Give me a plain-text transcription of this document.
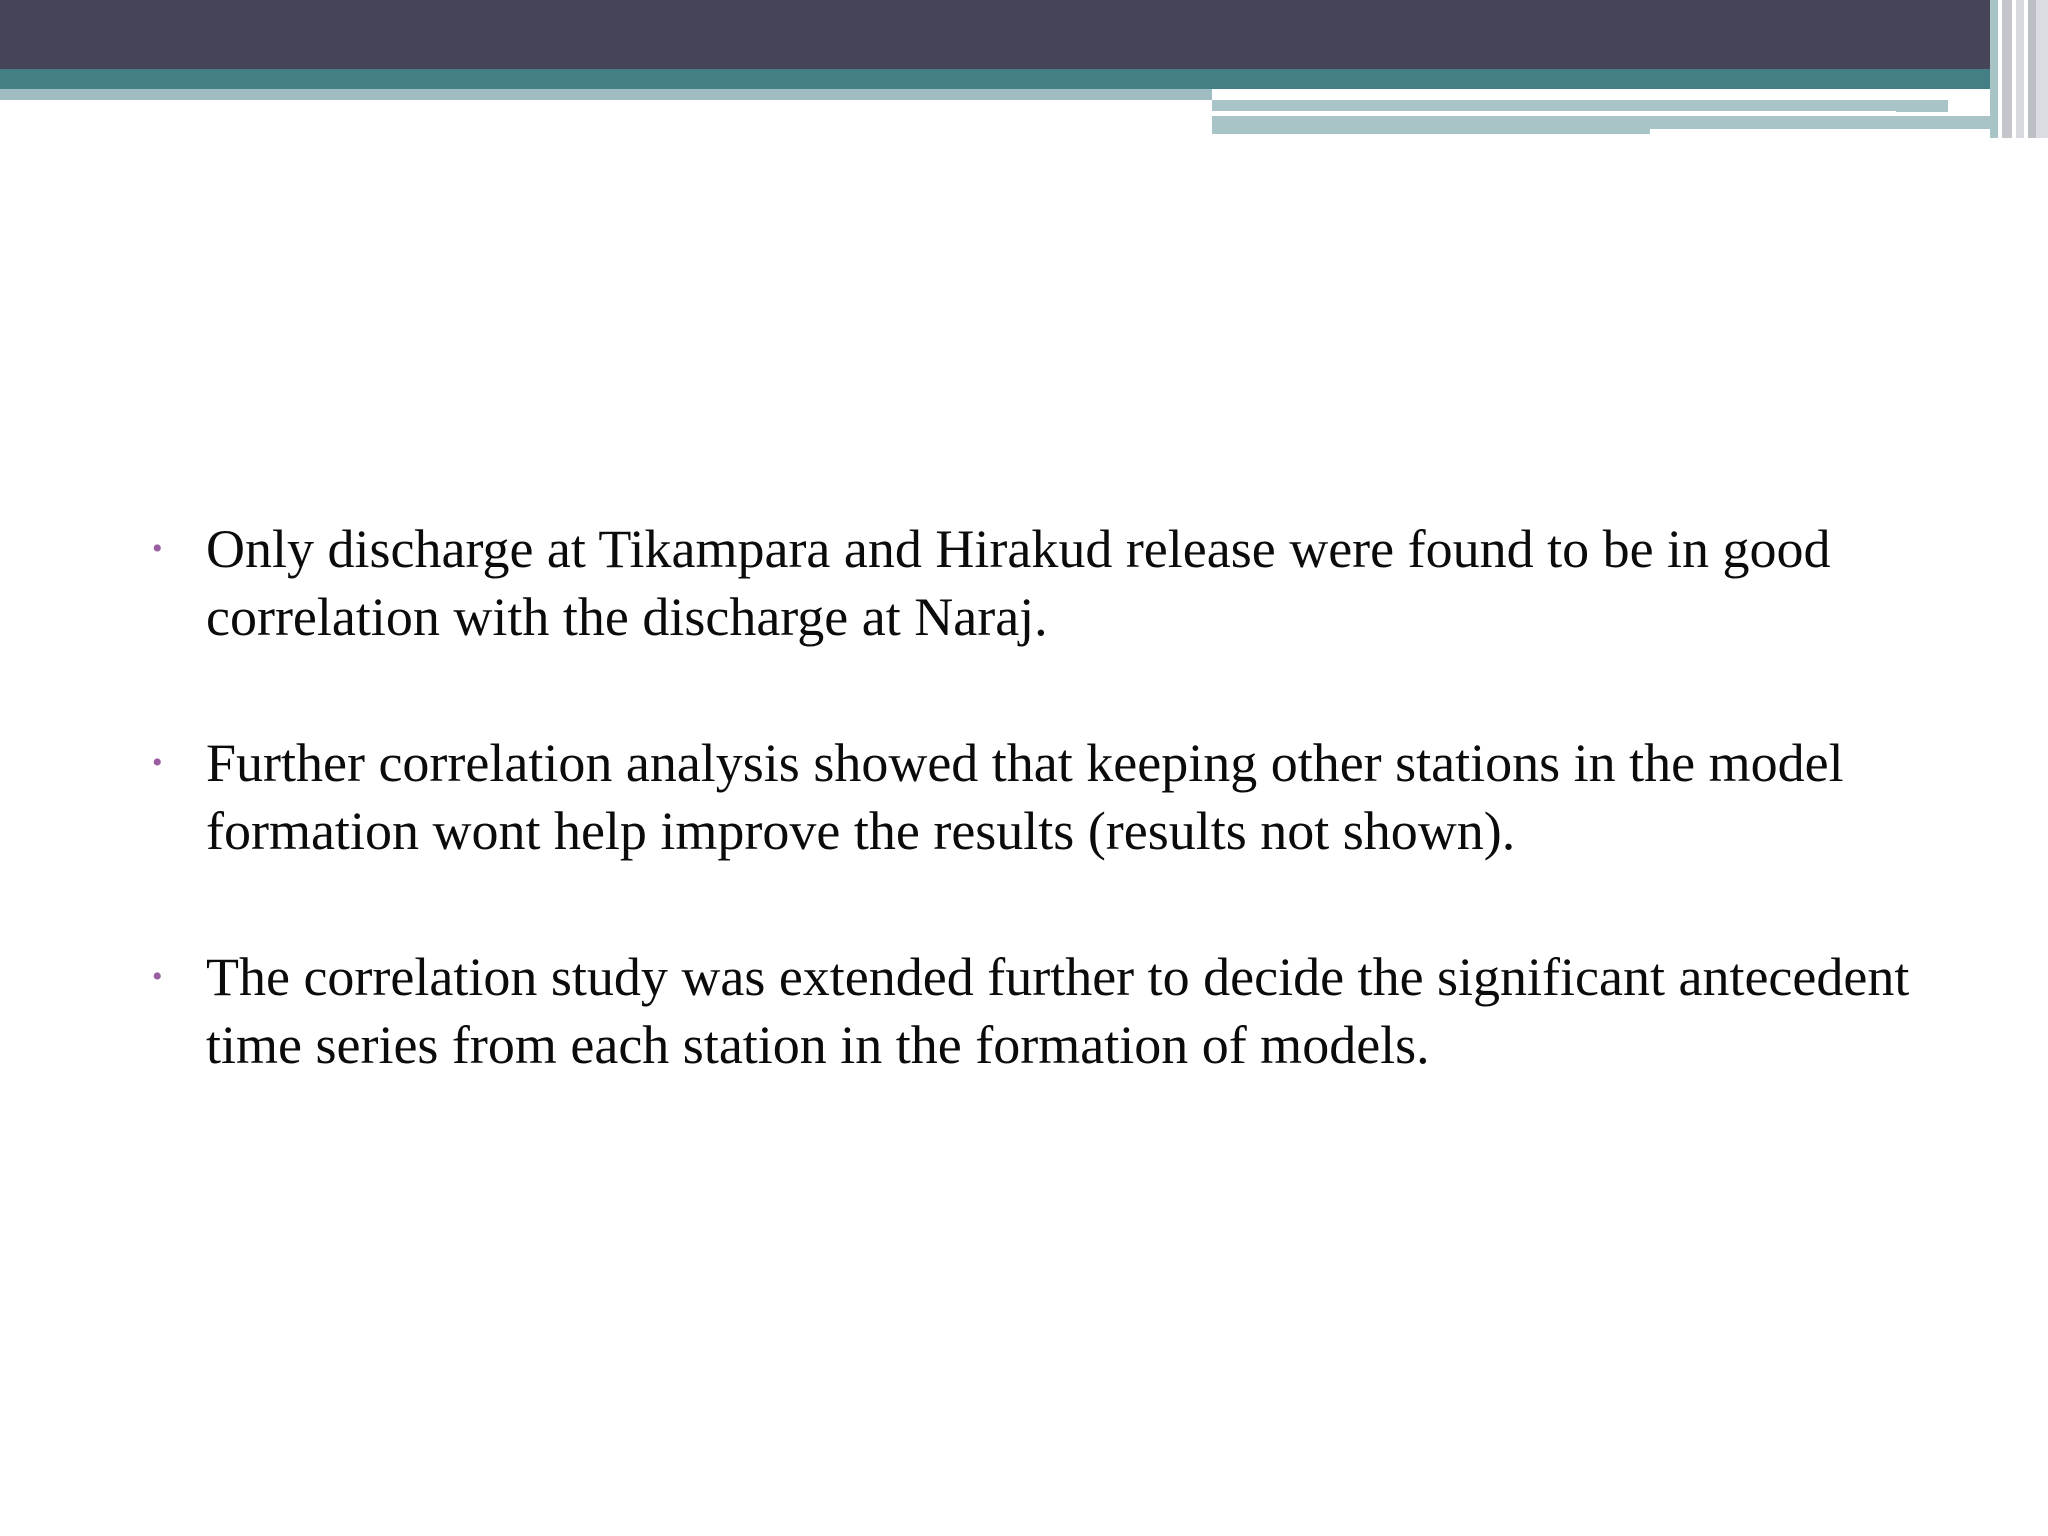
• Only discharge at Tikampara and Hirakud release were found to be in good correlation with the discharge at Naraj.
• Further correlation analysis showed that keeping other stations in the model formation wont help improve the results (results not shown).
• The correlation study was extended further to decide the significant antecedent time series from each station in the formation of models.
